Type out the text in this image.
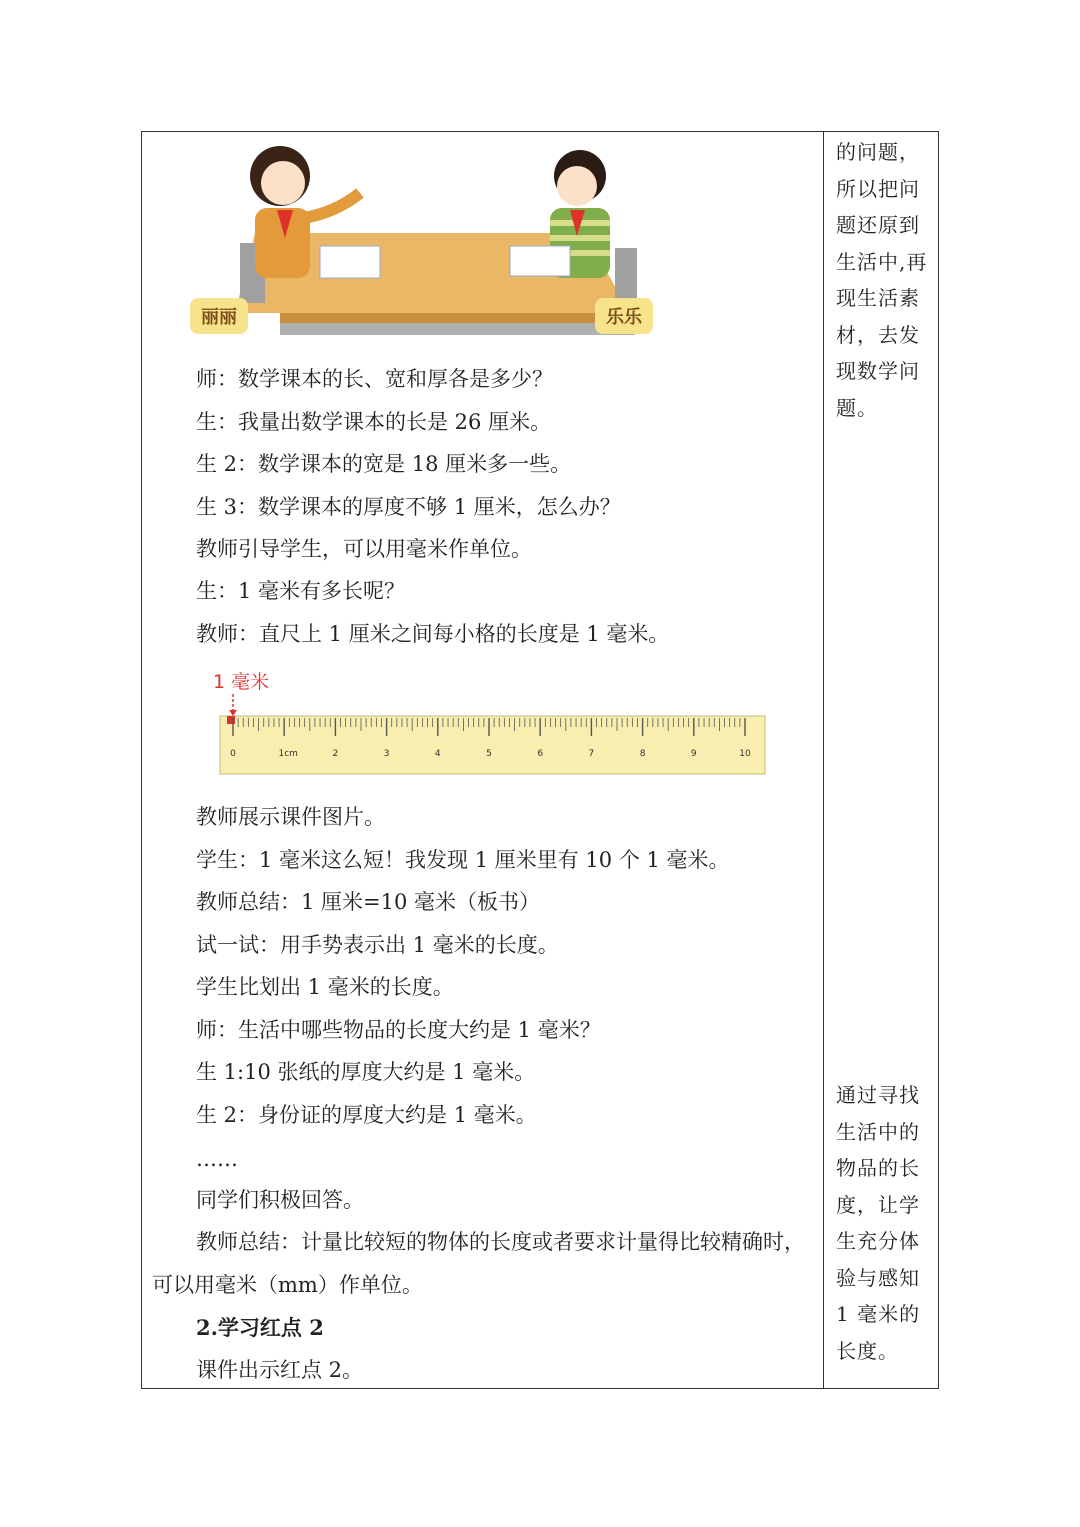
丽丽	乐乐
师：数学课本的长、宽和厚各是多少？
生：我量出数学课本的长是 26 厘米。
生 2：数学课本的宽是 18 厘米多一些。
生 3：数学课本的厚度不够 1 厘米，怎么办？
教师引导学生，可以用毫米作单位。
生：1 毫米有多长呢？
教师：直尺上 1 厘米之间每小格的长度是 1 毫米。
教师展示课件图片。
学生：1 毫米这么短！我发现 1 厘米里有 10 个 1 毫米。
教师总结：1 厘米=10 毫米（板书）
试一试：用手势表示出 1 毫米的长度。
学生比划出 1 毫米的长度。
师：生活中哪些物品的长度大约是 1 毫米？
生 1:10 张纸的厚度大约是 1 毫米。
生 2：身份证的厚度大约是 1 毫米。
……
同学们积极回答。
教师总结：计量比较短的物体的长度或者要求计量得比较精确时，
可以用毫米（mm）作单位。
2.学习红点 2
课件出示红点 2。
1 毫米
0	1cm	2	3	4	5	6	7	8	9	10
的问题，
所以把问
题还原到
生活中,再
现生活素
材，去发
现数学问
题。
通过寻找
生活中的
物品的长
度，让学
生充分体
验与感知
1 毫米的
长度。
